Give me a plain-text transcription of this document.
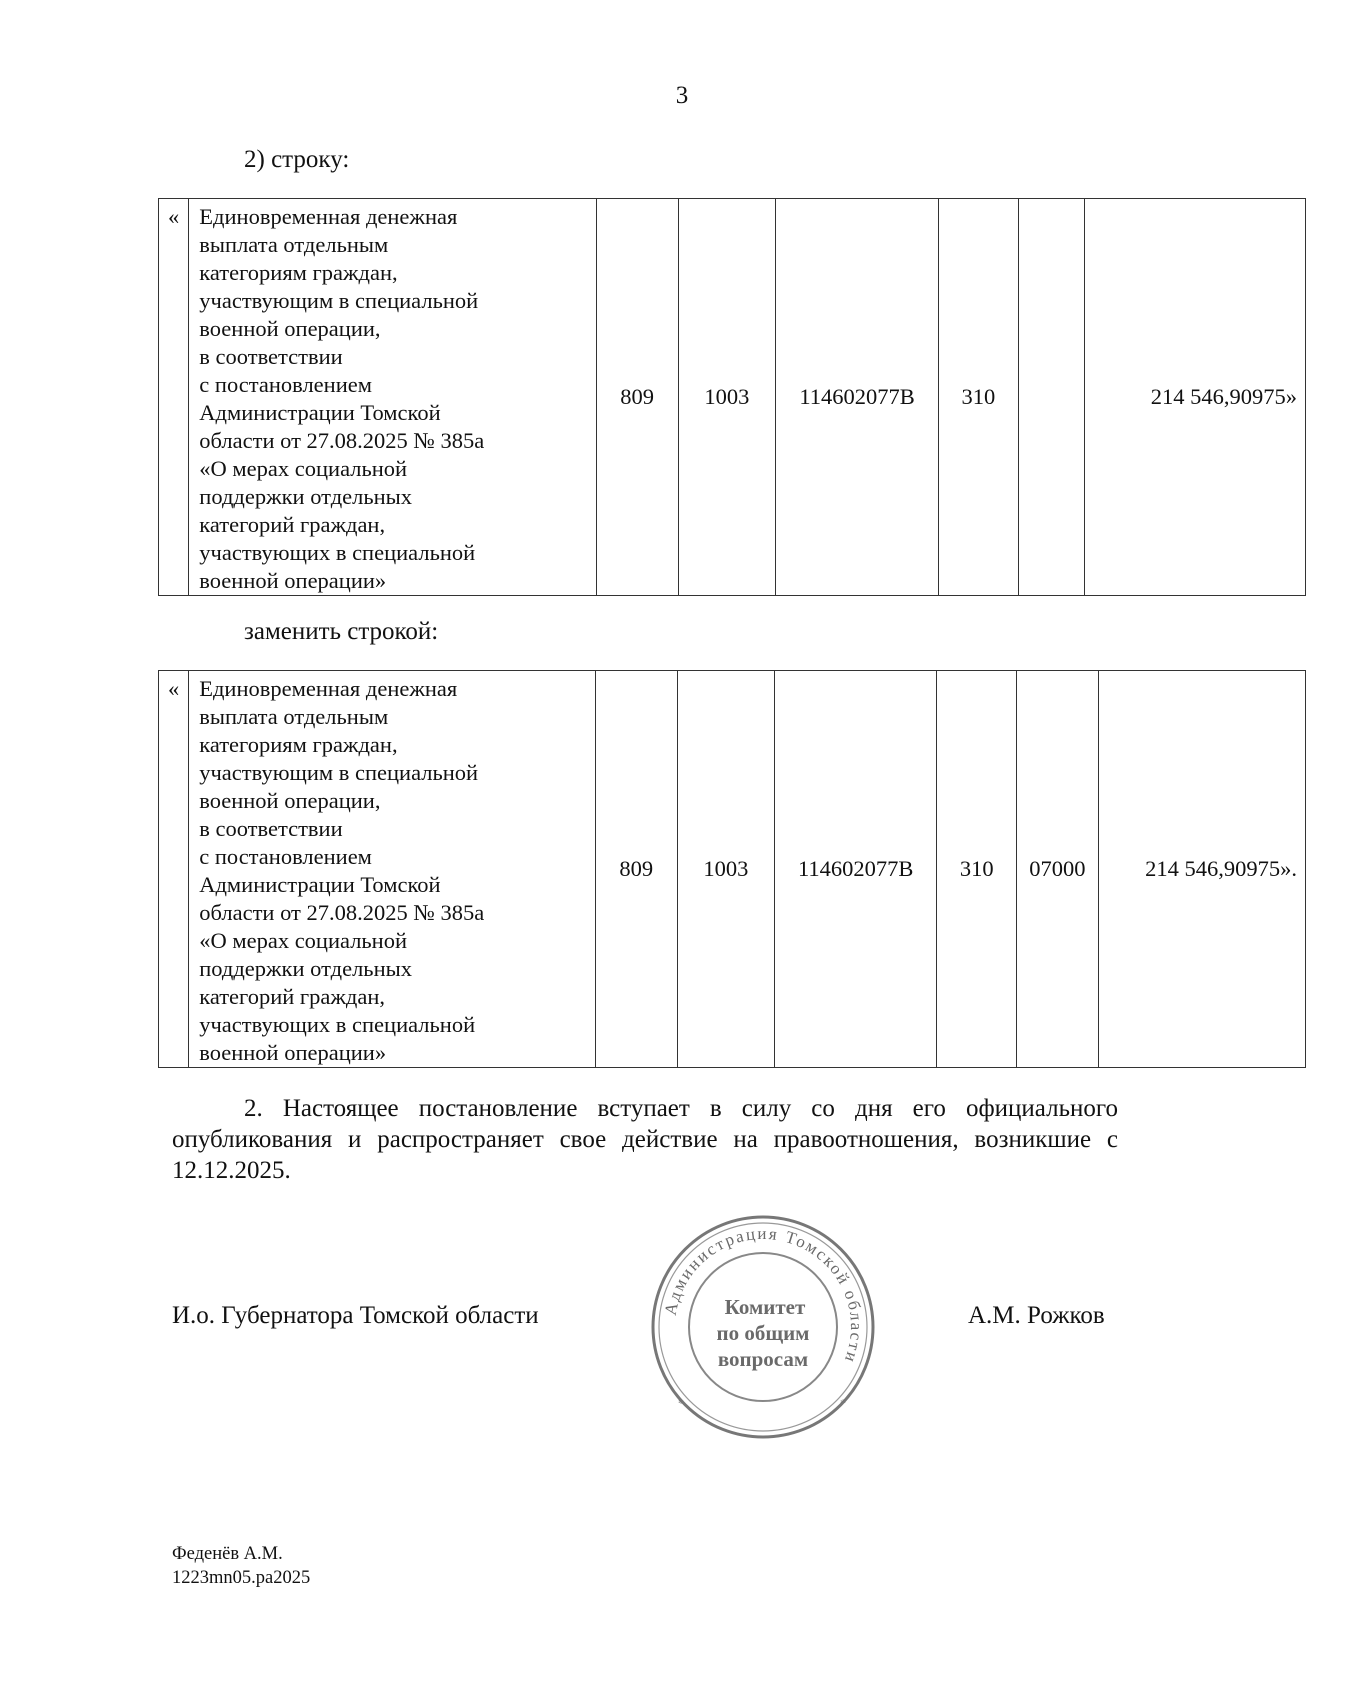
3
2) строку:
«	Единовременная денежная
выплата отдельным
категориям граждан,
участвующим в специальной
военной операции,
в соответствии
с постановлением
Администрации Томской
области от 27.08.2025 № 385а
«О мерах социальной
поддержки отдельных
категорий граждан,
участвующих в специальной
военной операции»	809	1003	114602077В	310		214 546,90975»
заменить строкой:
«	Единовременная денежная
выплата отдельным
категориям граждан,
участвующим в специальной
военной операции,
в соответствии
с постановлением
Администрации Томской
области от 27.08.2025 № 385а
«О мерах социальной
поддержки отдельных
категорий граждан,
участвующих в специальной
военной операции»	809	1003	114602077В	310	07000	214 546,90975».
2. Настоящее постановление вступает в силу со дня его официального опубликования и распространяет свое действие на правоотношения, возникшие с 12.12.2025.
И.о. Губернатора Томской области	Администрация Томской области
*	*
Комитет
по общим
вопросам
А.М. Рожков
Феденёв А.М.
1223mn05.pa2025
